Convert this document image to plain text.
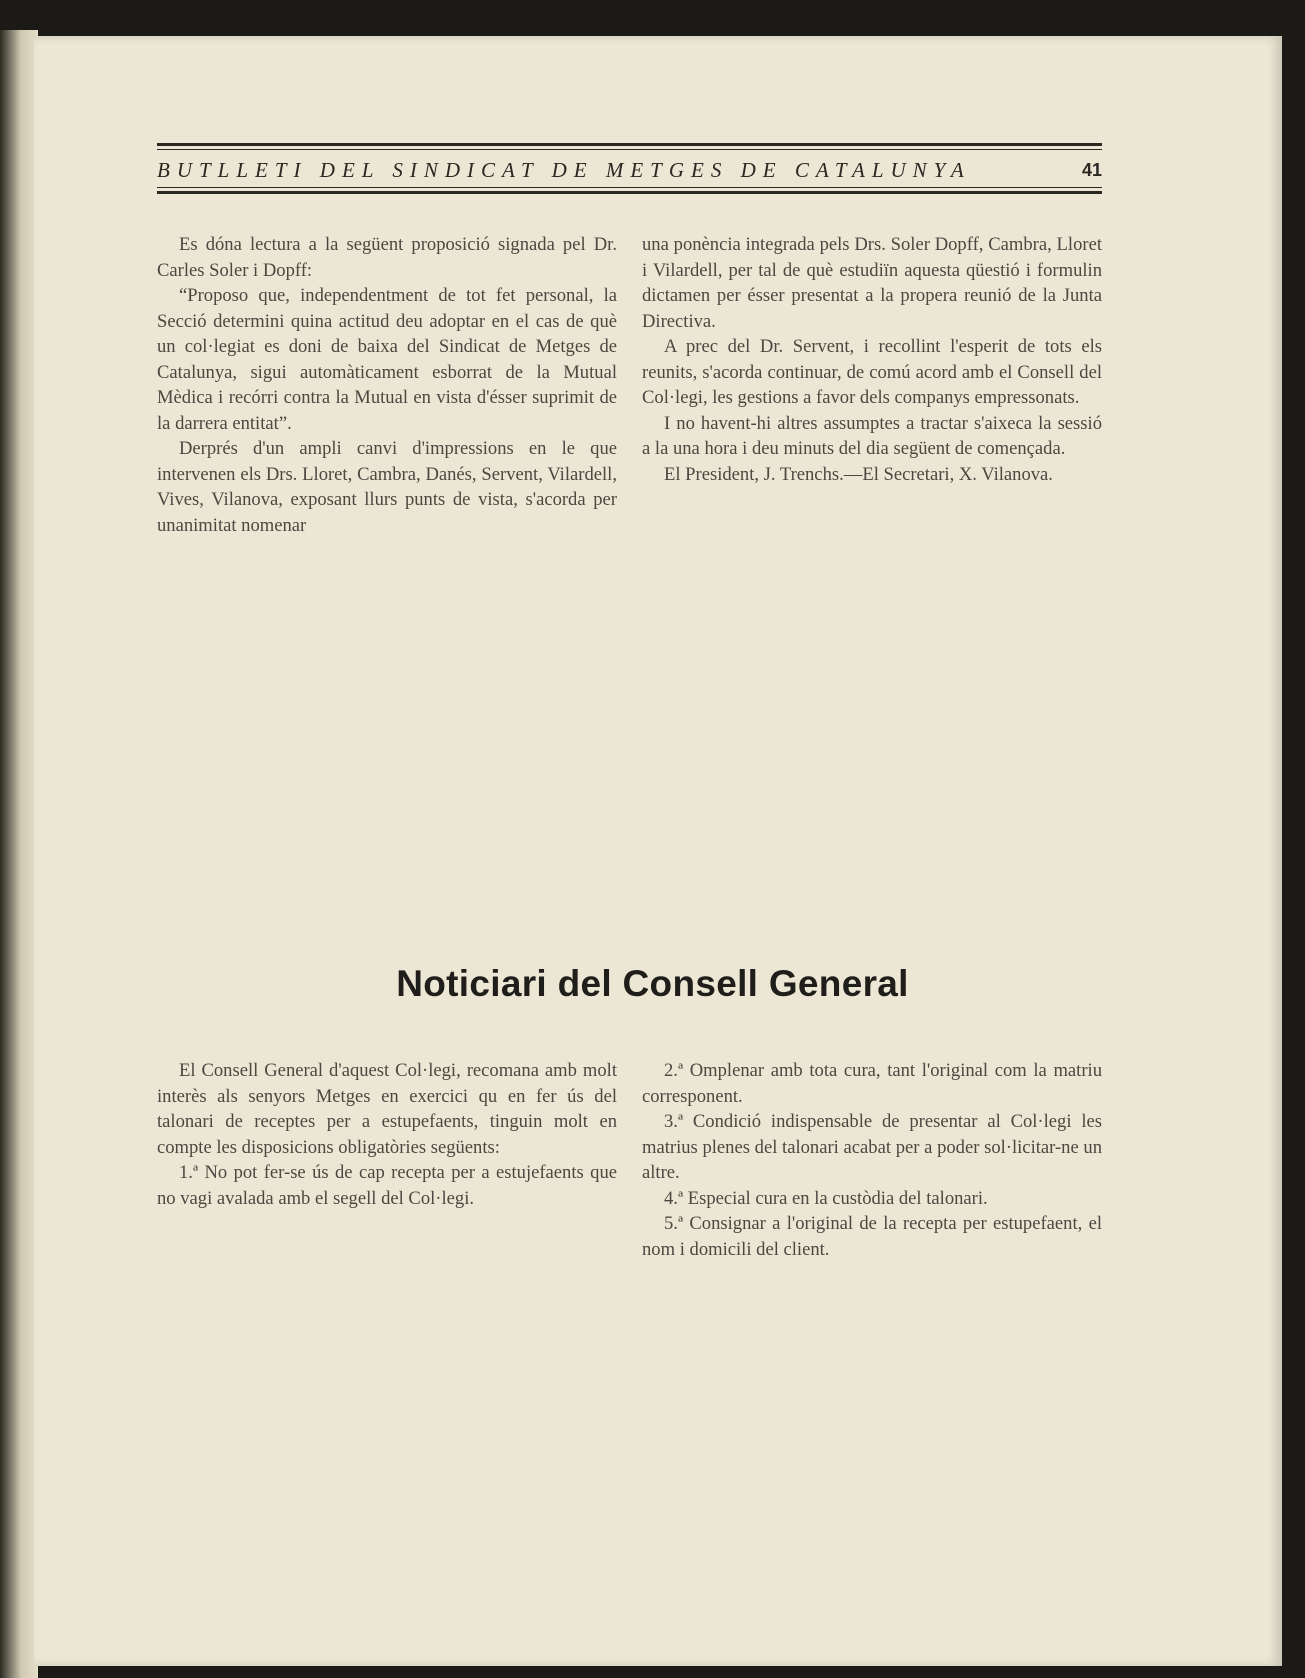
BUTLLETI DEL SINDICAT DE METGES DE CATALUNYA	41

Es dóna lectura a la següent proposició signada pel Dr. Carles Soler i Dopff:

“Proposo que, independentment de tot fet personal, la Secció determini quina actitud deu adoptar en el cas de què un col·legiat es doni de baixa del Sindicat de Metges de Catalunya, sigui automàticament esborrat de la Mutual Mèdica i recórri contra la Mutual en vista d'ésser suprimit de la darrera entitat”.

Derprés d'un ampli canvi d'impressions en le que intervenen els Drs. Lloret, Cambra, Danés, Servent, Vilardell, Vives, Vilanova, exposant llurs punts de vista, s'acorda per unanimitat nomenar

una ponència integrada pels Drs. Soler Dopff, Cambra, Lloret i Vilardell, per tal de què estudiïn aquesta qüestió i formulin dictamen per ésser presentat a la propera reunió de la Junta Directiva.

A prec del Dr. Servent, i recollint l'esperit de tots els reunits, s'acorda continuar, de comú acord amb el Consell del Col·legi, les gestions a favor dels companys empressonats.

I no havent-hi altres assumptes a tractar s'aixeca la sessió a la una hora i deu minuts del dia següent de començada.

El President, J. Trenchs.—El Secretari, X. Vilanova.

Noticiari del Consell General

El Consell General d'aquest Col·legi, recomana amb molt interès als senyors Metges en exercici qu en fer ús del talonari de receptes per a estupefaents, tinguin molt en compte les disposicions obligatòries següents:

1.ª No pot fer-se ús de cap recepta per a estujefaents que no vagi avalada amb el segell del Col·legi.

2.ª Omplenar amb tota cura, tant l'original com la matriu corresponent.

3.ª Condició indispensable de presentar al Col·legi les matrius plenes del talonari acabat per a poder sol·licitar-ne un altre.

4.ª Especial cura en la custòdia del talonari.

5.ª Consignar a l'original de la recepta per estupefaent, el nom i domicili del client.
